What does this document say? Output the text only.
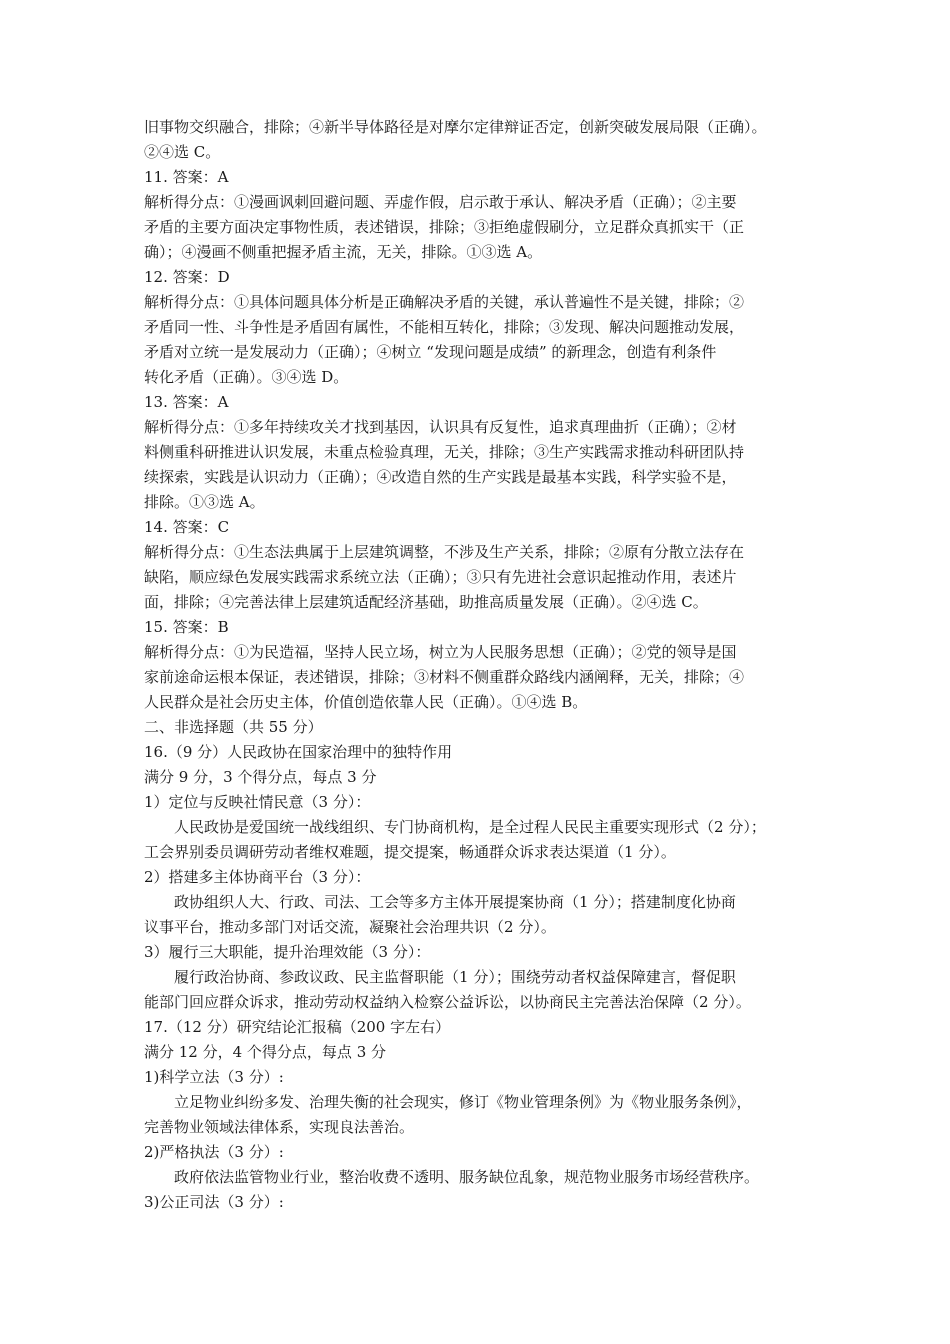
旧事物交织融合，排除；④新半导体路径是对摩尔定律辩证否定，创新突破发展局限（正确）。
②④选 C。
11. 答案：A
解析得分点：①漫画讽刺回避问题、弄虚作假，启示敢于承认、解决矛盾（正确）；②主要
矛盾的主要方面决定事物性质，表述错误，排除；③拒绝虚假刷分，立足群众真抓实干（正
确）；④漫画不侧重把握矛盾主流，无关，排除。①③选 A。
12. 答案：D
解析得分点：①具体问题具体分析是正确解决矛盾的关键，承认普遍性不是关键，排除；②
矛盾同一性、斗争性是矛盾固有属性，不能相互转化，排除；③发现、解决问题推动发展，
矛盾对立统一是发展动力（正确）；④树立 “发现问题是成绩” 的新理念，创造有利条件
转化矛盾（正确）。③④选 D。
13. 答案：A
解析得分点：①多年持续攻关才找到基因，认识具有反复性，追求真理曲折（正确）；②材
料侧重科研推进认识发展，未重点检验真理，无关，排除；③生产实践需求推动科研团队持
续探索，实践是认识动力（正确）；④改造自然的生产实践是最基本实践，科学实验不是，
排除。①③选 A。
14. 答案：C
解析得分点：①生态法典属于上层建筑调整，不涉及生产关系，排除；②原有分散立法存在
缺陷，顺应绿色发展实践需求系统立法（正确）；③只有先进社会意识起推动作用，表述片
面，排除；④完善法律上层建筑适配经济基础，助推高质量发展（正确）。②④选 C。
15. 答案：B
解析得分点：①为民造福，坚持人民立场，树立为人民服务思想（正确）；②党的领导是国
家前途命运根本保证，表述错误，排除；③材料不侧重群众路线内涵阐释，无关，排除；④
人民群众是社会历史主体，价值创造依靠人民（正确）。①④选 B。
二、非选择题（共 55 分）
16.（9 分）人民政协在国家治理中的独特作用
满分 9 分，3 个得分点，每点 3 分
1）定位与反映社情民意（3 分）：
人民政协是爱国统一战线组织、专门协商机构，是全过程人民民主重要实现形式（2 分）；
工会界别委员调研劳动者维权难题，提交提案，畅通群众诉求表达渠道（1 分）。
2）搭建多主体协商平台（3 分）：
政协组织人大、行政、司法、工会等多方主体开展提案协商（1 分）；搭建制度化协商
议事平台，推动多部门对话交流，凝聚社会治理共识（2 分）。
3）履行三大职能，提升治理效能（3 分）：
履行政治协商、参政议政、民主监督职能（1 分）；围绕劳动者权益保障建言，督促职
能部门回应群众诉求，推动劳动权益纳入检察公益诉讼，以协商民主完善法治保障（2 分）。
17.（12 分）研究结论汇报稿（200 字左右）
满分 12 分，4 个得分点，每点 3 分
1)科学立法（3 分）:
立足物业纠纷多发、治理失衡的社会现实，修订《物业管理条例》为《物业服务条例》，
完善物业领域法律体系，实现良法善治。
2)严格执法（3 分）:
政府依法监管物业行业，整治收费不透明、服务缺位乱象，规范物业服务市场经营秩序。
3)公正司法（3 分）:
